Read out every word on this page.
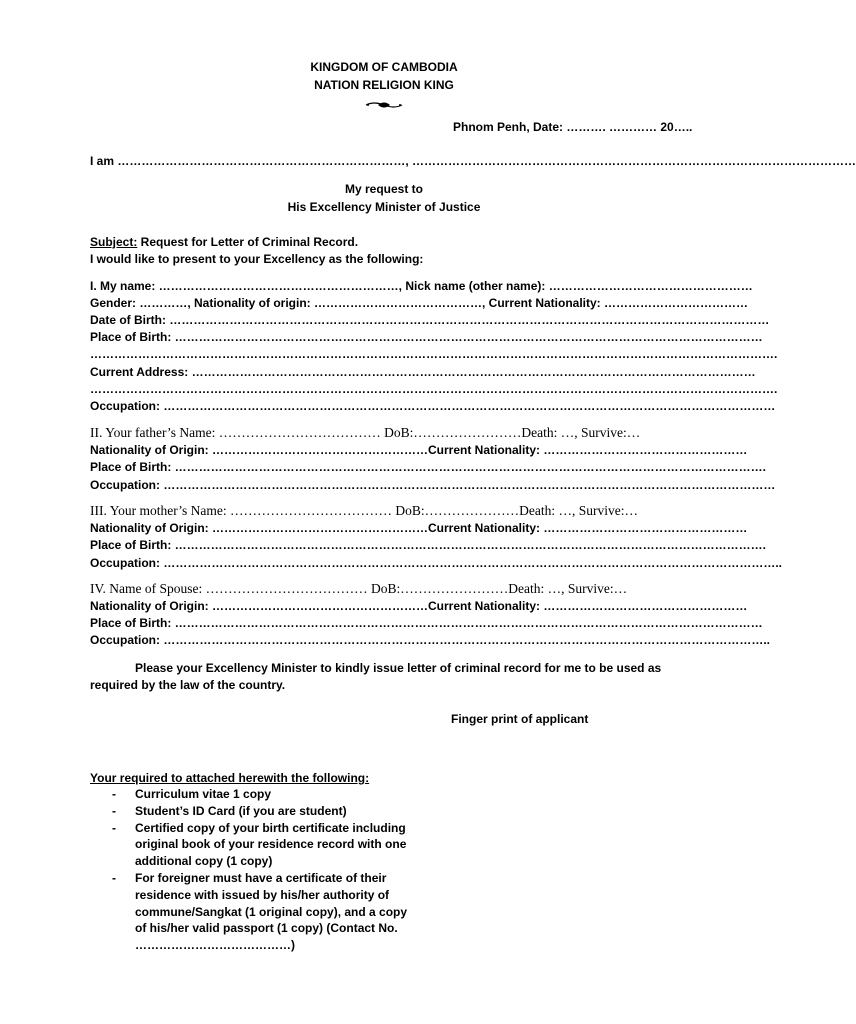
KINGDOM OF CAMBODIA
NATION RELIGION KING
Phnom Penh, Date: ………. ………… 20…..
I am ………………………………………………………………, …………………………………………………………………………………………………
My request to
His Excellency Minister of Justice
Subject: Request for Letter of Criminal Record.
I would like to present to your Excellency as the following:
I. My name: ……………………………………………………, Nick name (other name): ……………………………………………
Gender: …………, Nationality of origin: ……………………………………, Current Nationality: ………………………………
Date of Birth: ……………………………………………………………………………………………………………………………………
Place of Birth: …………………………………………………………………………………………………………………………………
……………………………………………………………………………………………………………………………………………………….
Current Address: ……………………………………………………………………………………………………………………………
……………………………………………………………………………………………………………………………………………………….
Occupation: ………………………………………………………………………………………………………………………………………
II. Your father’s Name: ……………………………… DoB:……………………Death: …, Survive:…
Nationality of Origin: ………………………………………………Current Nationality: ……………………………………………
Place of Birth: ………………………………………………………………………………………………………………………………….
Occupation: ………………………………………………………………………………………………………………………………………
III. Your mother’s Name: ……………………………… DoB:…………………Death: …, Survive:…
Nationality of Origin: ………………………………………………Current Nationality: ……………………………………………
Place of Birth: ………………………………………………………………………………………………………………………………….
Occupation: ………………………………………………………………………………………………………………………………………..
IV. Name of Spouse: ……………………………… DoB:……………………Death: …, Survive:…
Nationality of Origin: ………………………………………………Current Nationality: ……………………………………………
Place of Birth: …………………………………………………………………………………………………………………………………
Occupation: ……………………………………………………………………………………………………………………………………..
Please your Excellency Minister to kindly issue letter of criminal record for me to be used as
required by the law of the country.
Finger print of applicant
Your required to attached herewith the following:
- Curriculum vitae 1 copy
- Student’s ID Card (if you are student)
- Certified copy of your birth certificate including original book of your residence record with one additional copy (1 copy)
- For foreigner must have a certificate of their residence with issued by his/her authority of commune/Sangkat (1 original copy), and a copy of his/her valid passport (1 copy) (Contact No. …………………………………)
